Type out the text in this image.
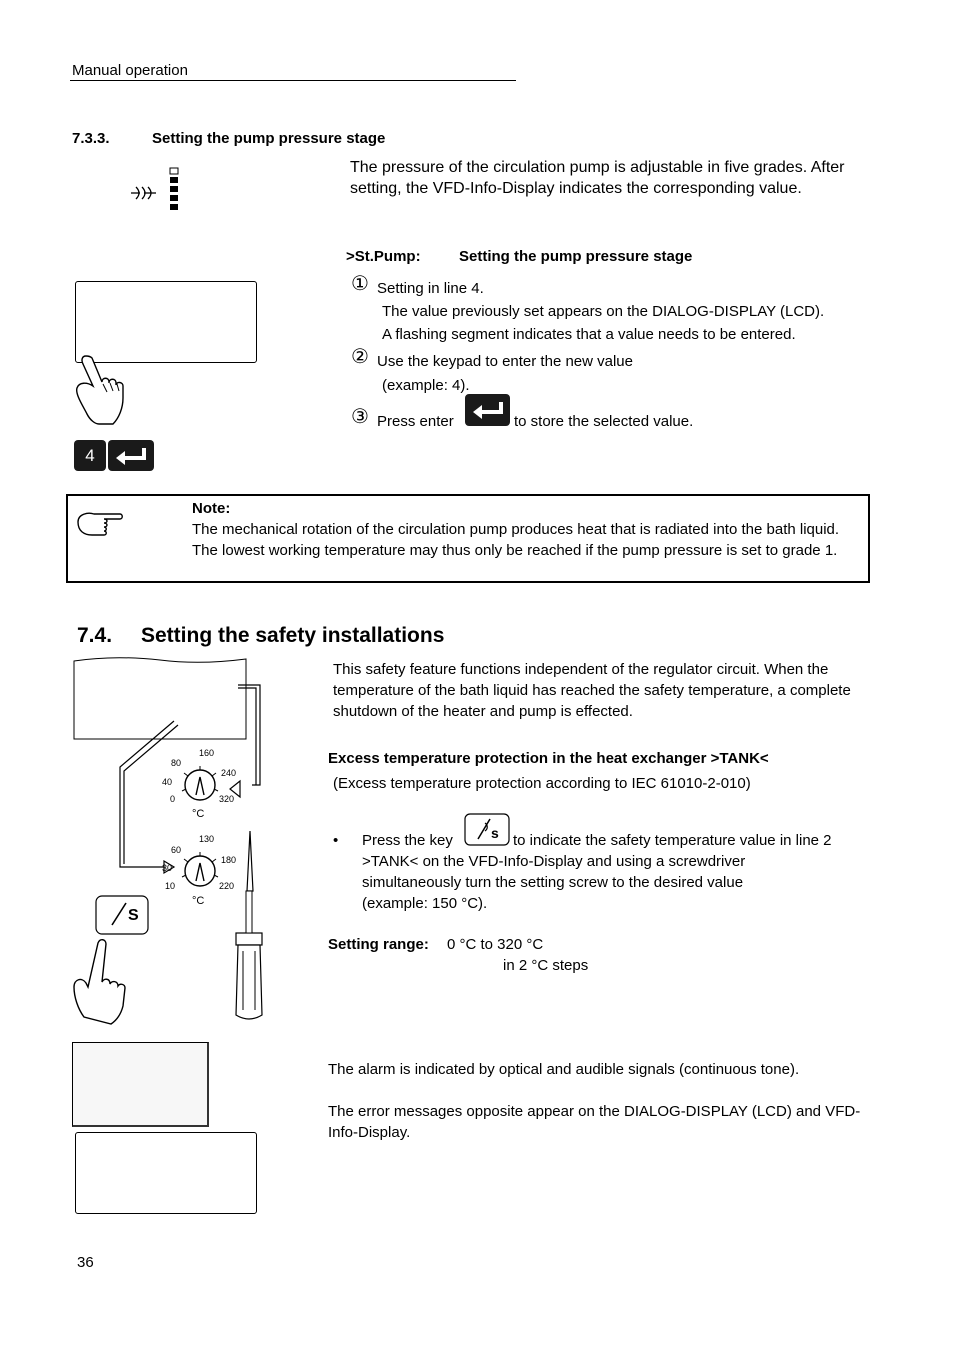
Manual operation
7.3.3.	Setting the pump pressure stage
The pressure of the circulation pump is adjustable in five grades. After setting, the VFD-Info-Display indicates the corresponding value.
>St.Pump:	Setting the pump pressure stage
4
① Setting in line 4.
The value previously set appears on the DIALOG-DISPLAY (LCD).
A flashing segment indicates that a value needs to be entered.
② Use the keypad to enter the new value
(example: 4).
③ Press enter	to store the selected value.
Note:
The mechanical rotation of the circulation pump produces heat that is radiated into the bath liquid. The lowest working temperature may thus only be reached if the pump pressure is set to grade 1.
7.4. Setting the safety installations
160
80
240
40
0	320
°C
130
60
180
30
10	220
°C
S
This safety feature functions independent of the regulator circuit. When the temperature of the bath liquid has reached the safety temperature, a complete shutdown of the heater and pump is effected.
Excess temperature protection in the heat exchanger >TANK<
(Excess temperature protection according to IEC 61010-2-010)
• Press the key	s to indicate the safety temperature value in line 2
>TANK< on the VFD-Info-Display and using a screwdriver
simultaneously turn the setting screw to the desired value
(example: 150 °C).
Setting range: 0 °C to 320 °C
in 2 °C steps
The alarm is indicated by optical and audible signals (continuous tone).
The error messages opposite appear on the DIALOG-DISPLAY (LCD) and VFD-Info-Display.
36
